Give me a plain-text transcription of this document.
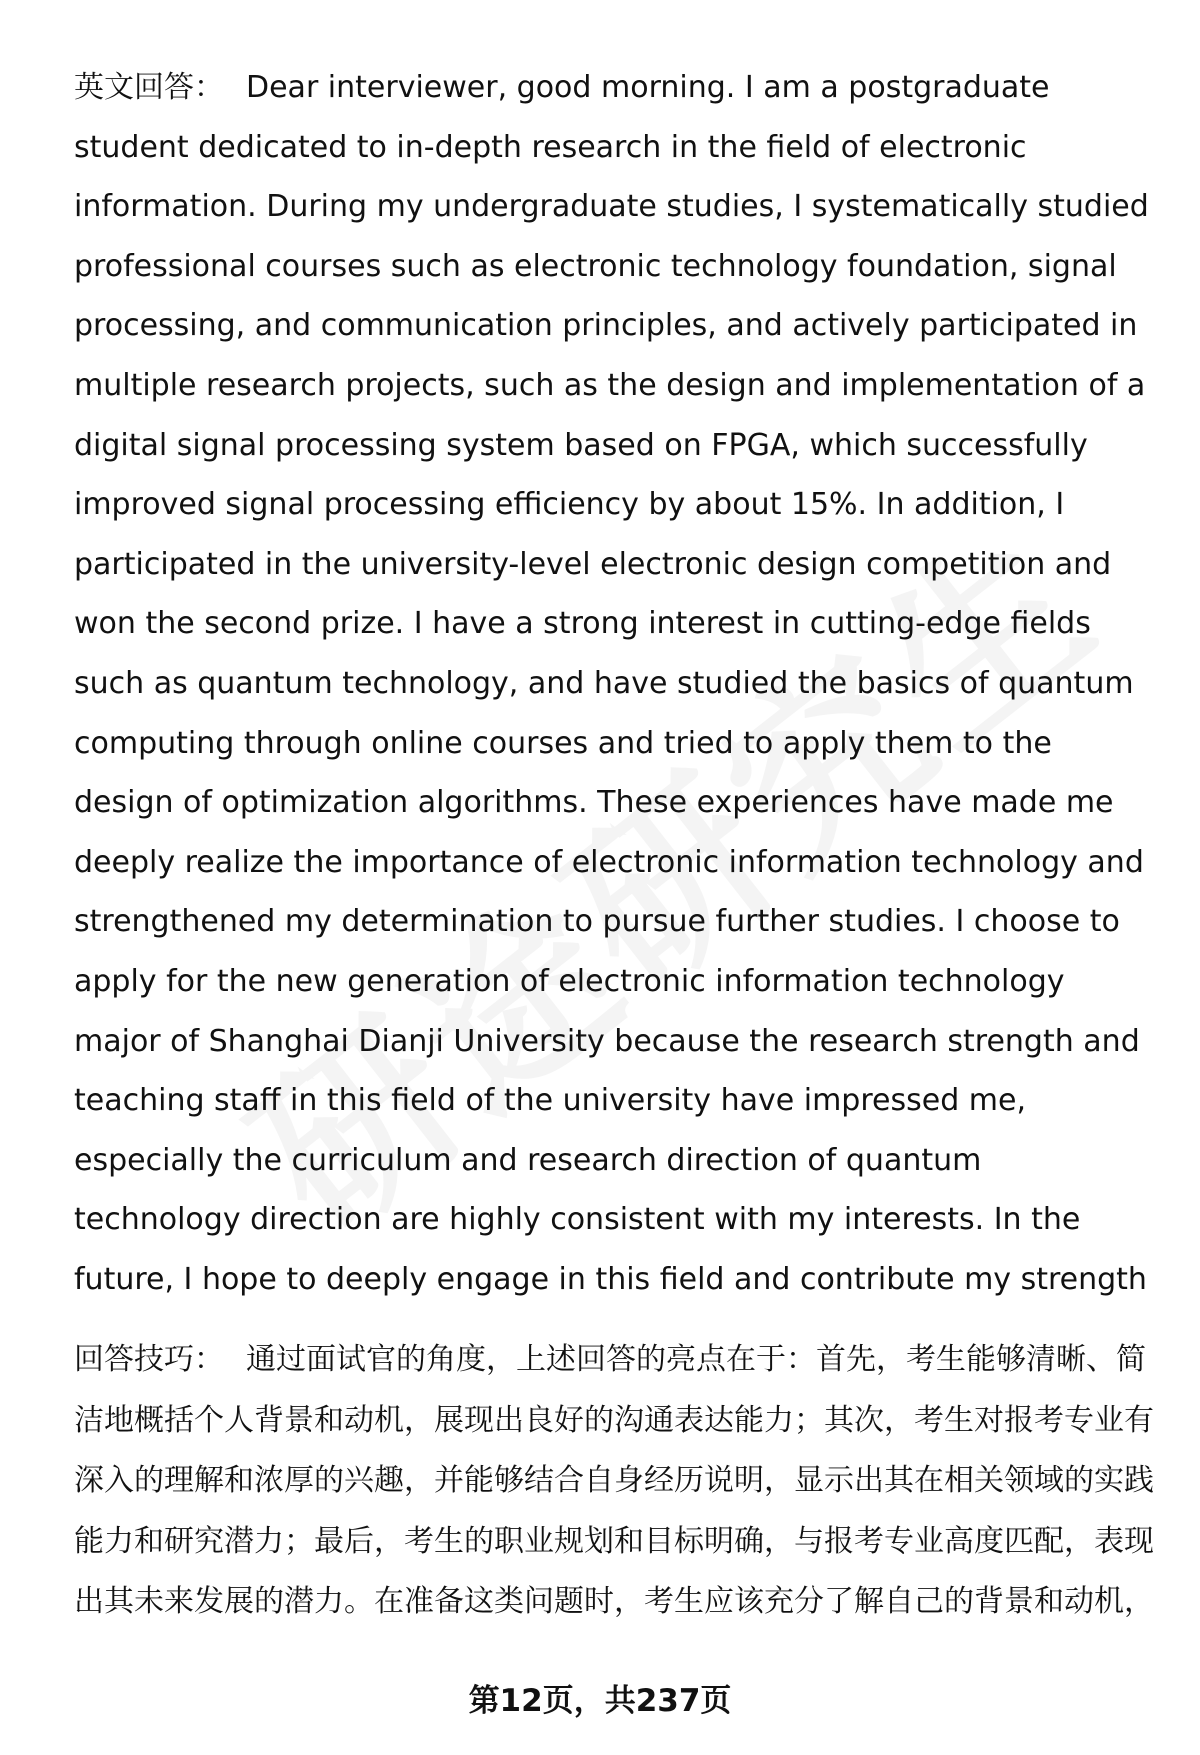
英文回答： Dear interviewer, good morning. I am a postgraduate student dedicated to in-depth research in the field of electronic information. During my undergraduate studies, I systematically studied professional courses such as electronic technology foundation, signal processing, and communication principles, and actively participated in multiple research projects, such as the design and implementation of a digital signal processing system based on FPGA, which successfully improved signal processing efficiency by about 15%. In addition, I participated in the university-level electronic design competition and won the second prize. I have a strong interest in cutting-edge fields such as quantum technology, and have studied the basics of quantum computing through online courses and tried to apply them to the design of optimization algorithms. These experiences have made me deeply realize the importance of electronic information technology and strengthened my determination to pursue further studies. I choose to apply for the new generation of electronic information technology major of Shanghai Dianji University because the research strength and teaching staff in this field of the university have impressed me, especially the curriculum and research direction of quantum technology direction are highly consistent with my interests. In the future, I hope to deeply engage in this field and contribute my strength

回答技巧： 通过面试官的角度，上述回答的亮点在于：首先，考生能够清晰、简洁地概括个人背景和动机，展现出良好的沟通表达能力；其次，考生对报考专业有深入的理解和浓厚的兴趣，并能够结合自身经历说明，显示出其在相关领域的实践能力和研究潜力；最后，考生的职业规划和目标明确，与报考专业高度匹配，表现出其未来发展的潜力。在准备这类问题时，考生应该充分了解自己的背景和动机，

第12页，共237页
